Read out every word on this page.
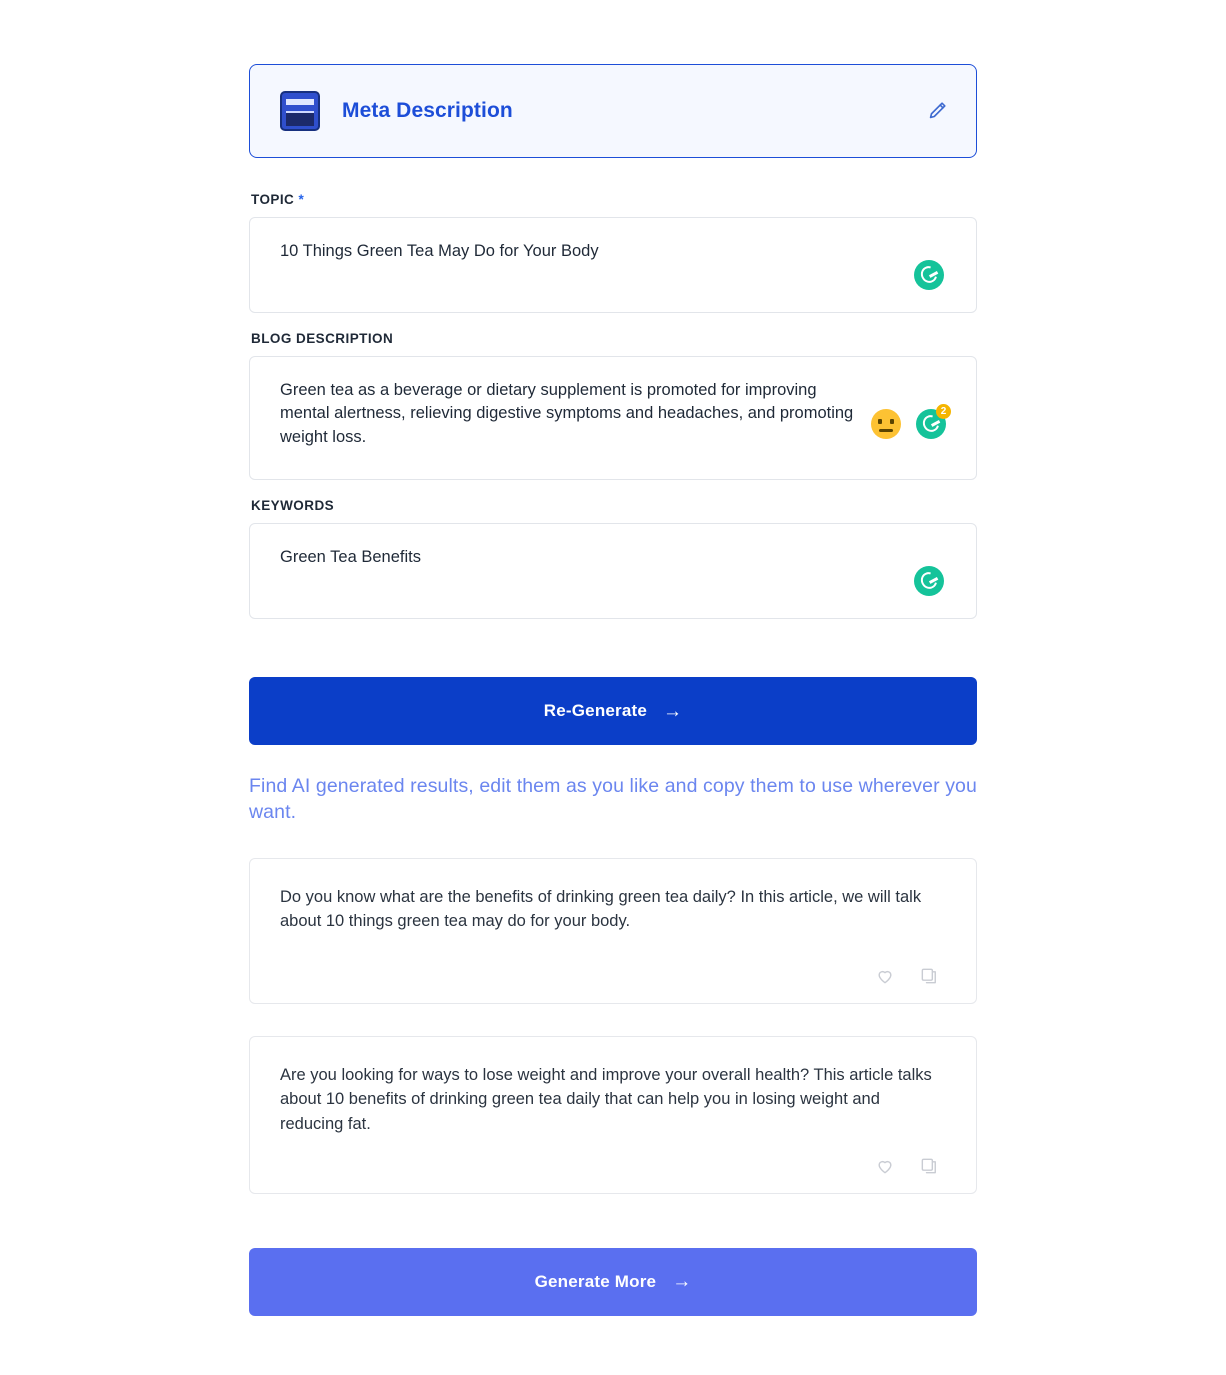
Meta Description
TOPIC *
10 Things Green Tea May Do for Your Body
BLOG DESCRIPTION
Green tea as a beverage or dietary supplement is promoted for improving mental alertness, relieving digestive symptoms and headaches, and promoting weight loss.
2
KEYWORDS
Green Tea Benefits
Re-Generate →
Find AI generated results, edit them as you like and copy them to use wherever you want.
Do you know what are the benefits of drinking green tea daily? In this article, we will talk about 10 things green tea may do for your body.
Are you looking for ways to lose weight and improve your overall health? This article talks about 10 benefits of drinking green tea daily that can help you in losing weight and reducing fat.
Generate More →
